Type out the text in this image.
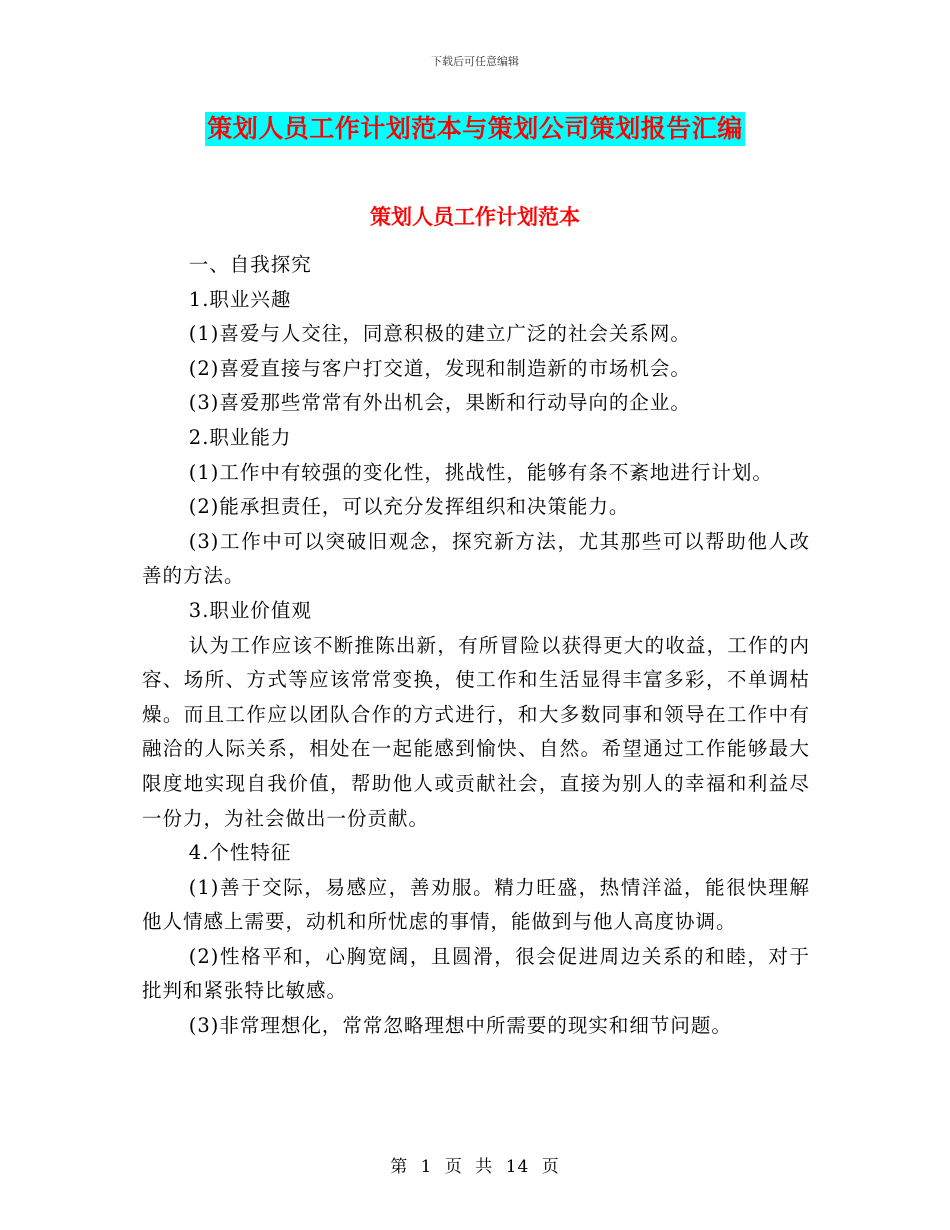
下载后可任意编辑
策划人员工作计划范本与策划公司策划报告汇编
策划人员工作计划范本

一、自我探究

1.职业兴趣

(1)喜爱与人交往，同意积极的建立广泛的社会关系网。

(2)喜爱直接与客户打交道，发现和制造新的市场机会。

(3)喜爱那些常常有外出机会，果断和行动导向的企业。

2.职业能力

(1)工作中有较强的变化性，挑战性，能够有条不紊地进行计划。

(2)能承担责任，可以充分发挥组织和决策能力。

(3)工作中可以突破旧观念，探究新方法，尤其那些可以帮助他人改善的方法。

3.职业价值观

认为工作应该不断推陈出新，有所冒险以获得更大的收益，工作的内容、场所、方式等应该常常变换，使工作和生活显得丰富多彩，不单调枯燥。而且工作应以团队合作的方式进行，和大多数同事和领导在工作中有融洽的人际关系，相处在一起能感到愉快、自然。希望通过工作能够最大限度地实现自我价值，帮助他人或贡献社会，直接为别人的幸福和利益尽一份力，为社会做出一份贡献。

4.个性特征

(1)善于交际，易感应，善劝服。精力旺盛，热情洋溢，能很快理解他人情感上需要，动机和所忧虑的事情，能做到与他人高度协调。

(2)性格平和，心胸宽阔，且圆滑，很会促进周边关系的和睦，对于批判和紧张特比敏感。

(3)非常理想化，常常忽略理想中所需要的现实和细节问题。

第 1 页 共 14 页
